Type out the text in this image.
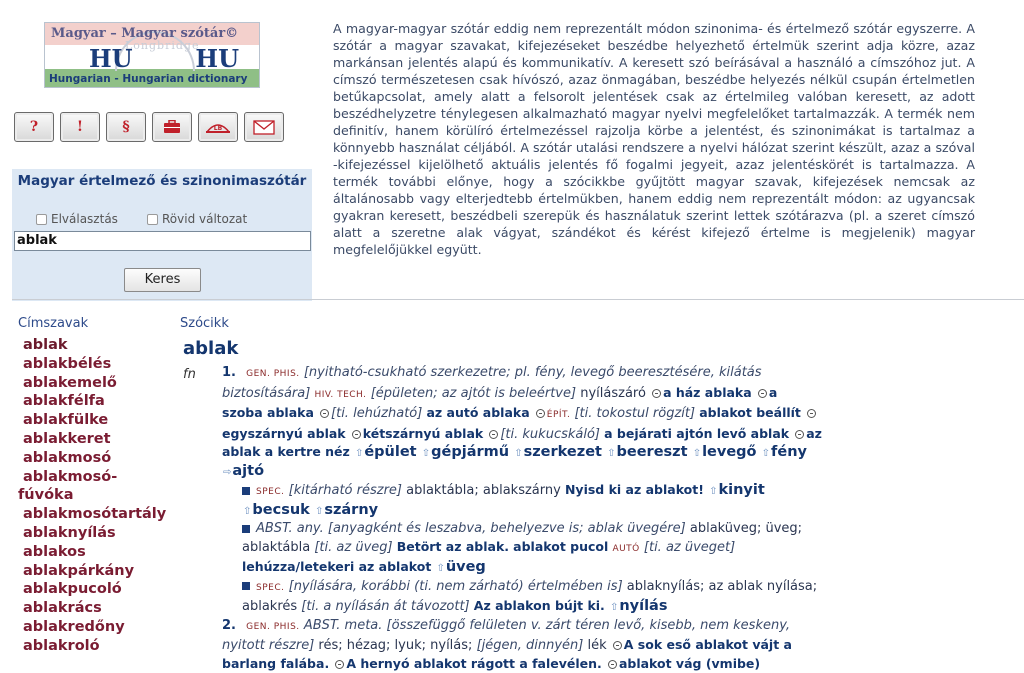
Longbridge
Magyar – Magyar szótár©
HU	HU
Hungarian - Hungarian dictionary
?	!	§	LB
Magyar értelmező és szinonimaszótár
Elválasztás	Rövid változat
ablak
Keres
A magyar-magyar szótár eddig nem reprezentált módon szinonima- és értelmező szótár egyszerre. A szótár a magyar szavakat, kifejezéseket beszédbe helyezhető értelmük szerint adja közre, azaz markánsan jelentés alapú és kommunikatív. A keresett szó beírásával a használó a címszóhoz jut. A címszó természetesen csak hívószó, azaz önmagában, beszédbe helyezés nélkül csupán értelmetlen betűkapcsolat, amely alatt a felsorolt jelentések csak az értelmileg valóban keresett, az adott beszédhelyzetre ténylegesen alkalmazható magyar nyelvi megfelelőket tartalmazzák. A termék nem definitív, hanem körülíró értelmezéssel rajzolja körbe a jelentést, és szinonimákat is tartalmaz a könnyebb használat céljából. A szótár utalási rendszere a nyelvi hálózat szerint készült, azaz a szóval -kifejezéssel kijelölhető aktuális jelentés fő fogalmi jegyeit, azaz jelentéskörét is tartalmazza. A termék további előnye, hogy a szócikkbe gyűjtött magyar szavak, kifejezések nemcsak az általánosabb vagy elterjedtebb értelmükben, hanem eddig nem reprezentált módon: az ugyancsak gyakran keresett, beszédbeli szerepük és használatuk szerint lettek szótárazva (pl. a szeret címszó alatt a szeretne alak vágyat, szándékot és kérést kifejező értelme is megjelenik) magyar megfelelőjükkel együtt.
Címszavak
ablak
ablakbélés
ablakemelő
ablakfélfa
ablakfülke
ablakkeret
ablakmosó
ablakmosó-
fúvóka
ablakmosótartály
ablaknyílás
ablakos
ablakpárkány
ablakpucoló
ablakrács
ablakredőny
ablakroló
Szócikk
ablak
fn 1. GEN. PHIS. [nyitható-csukható szerkezetre; pl. fény, levegő beeresztésére, kilátás biztosítására] HIV. TECH. [épületen; az ajtót is beleértve] nyílászáró a ház ablaka a szoba ablaka [ti. lehúzható] az autó ablaka ÉPÍT. [ti. tokostul rögzít] ablakot beállít egyszárnyú ablak kétszárnyú ablak [ti. kukucskáló] a bejárati ajtón levő ablak az ablak a kertre néz ⇧épület ⇧gépjármű ⇧szerkezet ⇧beereszt ⇧levegő ⇧fény ⇨ajtó

SPEC. [kitárható részre] ablaktábla; ablakszárny Nyisd ki az ablakot! ⇧kinyit ⇧becsuk ⇧szárny

ABST. any. [anyagként és leszabva, behelyezve is; ablak üvegére] ablaküveg; üveg; ablaktábla [ti. az üveg] Betört az ablak. ablakot pucol AUTÓ [ti. az üveget] lehúzza/letekeri az ablakot ⇧üveg

SPEC. [nyílására, korábbi (ti. nem zárható) értelmében is] ablaknyílás; az ablak nyílása; ablakrés [ti. a nyílásán át távozott] Az ablakon bújt ki. ⇧nyílás

2. GEN. PHIS. ABST. meta. [összefüggő felületen v. zárt téren levő, kisebb, nem keskeny, nyitott részre] rés; hézag; lyuk; nyílás; [jégen, dinnyén] lék A sok eső ablakot vájt a barlang falába. A hernyó ablakot rágott a falevélen. ablakot vág (vmibe)
